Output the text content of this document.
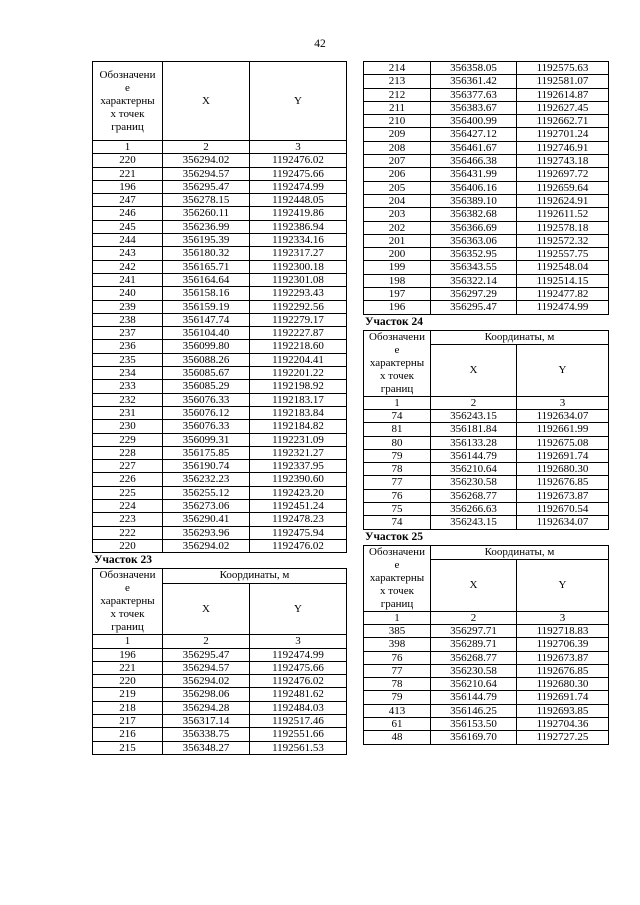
42
Обозначени
е
характерны
х точек
границ	X	Y
1	2	3
220	356294.02	1192476.02
221	356294.57	1192475.66
196	356295.47	1192474.99
247	356278.15	1192448.05
246	356260.11	1192419.86
245	356236.99	1192386.94
244	356195.39	1192334.16
243	356180.32	1192317.27
242	356165.71	1192300.18
241	356164.64	1192301.08
240	356158.16	1192293.43
239	356159.19	1192292.56
238	356147.74	1192279.17
237	356104.40	1192227.87
236	356099.80	1192218.60
235	356088.26	1192204.41
234	356085.67	1192201.22
233	356085.29	1192198.92
232	356076.33	1192183.17
231	356076.12	1192183.84
230	356076.33	1192184.82
229	356099.31	1192231.09
228	356175.85	1192321.27
227	356190.74	1192337.95
226	356232.23	1192390.60
225	356255.12	1192423.20
224	356273.06	1192451.24
223	356290.41	1192478.23
222	356293.96	1192475.94
220	356294.02	1192476.02
Участок 23
Обозначени
е
характерны
х точек
границ	Координаты, м	
	X	Y
1	2	3
196	356295.47	1192474.99
221	356294.57	1192475.66
220	356294.02	1192476.02
219	356298.06	1192481.62
218	356294.28	1192484.03
217	356317.14	1192517.46
216	356338.75	1192551.66
215	356348.27	1192561.53
214	356358.05	1192575.63
213	356361.42	1192581.07
212	356377.63	1192614.87
211	356383.67	1192627.45
210	356400.99	1192662.71
209	356427.12	1192701.24
208	356461.67	1192746.91
207	356466.38	1192743.18
206	356431.99	1192697.72
205	356406.16	1192659.64
204	356389.10	1192624.91
203	356382.68	1192611.52
202	356366.69	1192578.18
201	356363.06	1192572.32
200	356352.95	1192557.75
199	356343.55	1192548.04
198	356322.14	1192514.15
197	356297.29	1192477.82
196	356295.47	1192474.99
Участок 24
Обозначени
е
характерны
х точек
границ	Координаты, м	
	X	Y
1	2	3
74	356243.15	1192634.07
81	356181.84	1192661.99
80	356133.28	1192675.08
79	356144.79	1192691.74
78	356210.64	1192680.30
77	356230.58	1192676.85
76	356268.77	1192673.87
75	356266.63	1192670.54
74	356243.15	1192634.07
Участок 25
Обозначени
е
характерны
х точек
границ	Координаты, м	
	X	Y
1	2	3
385	356297.71	1192718.83
398	356289.71	1192706.39
76	356268.77	1192673.87
77	356230.58	1192676.85
78	356210.64	1192680.30
79	356144.79	1192691.74
413	356146.25	1192693.85
61	356153.50	1192704.36
48	356169.70	1192727.25
